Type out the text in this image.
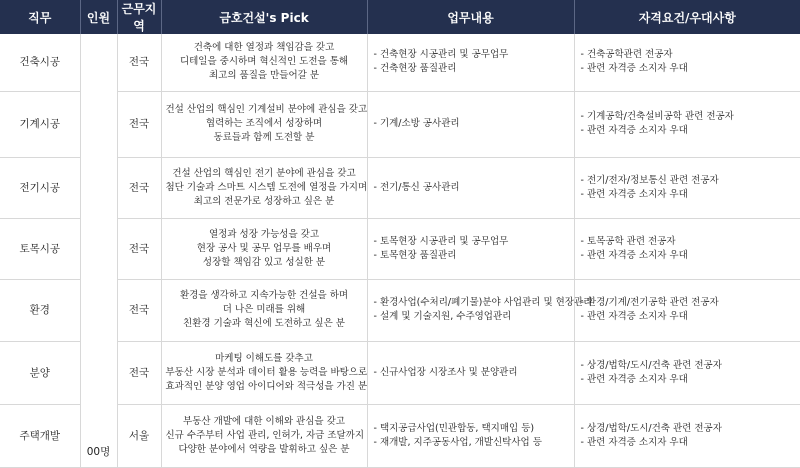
직무	인원	근무지역	금호건설's Pick	업무내용	자격요건/우대사항
건축시공	00명	전국	건축에 대한 열정과 책임감을 갖고
디테일을 중시하며 혁신적인 도전을 통해
최고의 품질을 만들어갈 분	- 건축현장 시공관리 및 공무업무
- 건축현장 품질관리	- 건축공학관련 전공자
- 관련 자격증 소지자 우대

기계시공		전국	건설 산업의 핵심인 기계설비 분야에 관심을 갖고
협력하는 조직에서 성장하며
동료들과 함께 도전할 분	- 기계/소방 공사관리	- 기계공학/건축설비공학 관련 전공자
- 관련 자격증 소지자 우대

전기시공		전국	건설 산업의 핵심인 전기 분야에 관심을 갖고
첨단 기술과 스마트 시스템 도전에 열정을 가지며
최고의 전문가로 성장하고 싶은 분	- 전기/통신 공사관리	- 전기/전자/정보통신 관련 전공자
- 관련 자격증 소지자 우대

토목시공		전국	열정과 성장 가능성을 갖고
현장 공사 및 공무 업무를 배우며
성장할 책임감 있고 성실한 분	- 토목현장 시공관리 및 공무업무
- 토목현장 품질관리	- 토목공학 관련 전공자
- 관련 자격증 소지자 우대

환경		전국	환경을 생각하고 지속가능한 건설을 하며
더 나은 미래를 위해
친환경 기술과 혁신에 도전하고 싶은 분	- 환경사업(수처리/폐기물)분야 사업관리 및 현장관리
- 설계 및 기술지원, 수주영업관리	- 환경/기계/전기공학 관련 전공자
- 관련 자격증 소지자 우대

분양		전국	마케팅 이해도를 갖추고
부동산 시장 분석과 데이터 활용 능력을 바탕으로
효과적인 분양 영업 아이디어와 적극성을 가진 분	- 신규사업장 시장조사 및 분양관리	- 상경/법학/도시/건축 관련 전공자
- 관련 자격증 소지자 우대

주택개발		서울	부동산 개발에 대한 이해와 관심을 갖고
신규 수주부터 사업 관리, 인허가, 자금 조달까지
다양한 분야에서 역량을 발휘하고 싶은 분	- 택지공급사업(민관합동, 택지매입 등)
- 재개발, 지주공동사업, 개발신탁사업 등	- 상경/법학/도시/건축 관련 전공자
- 관련 자격증 소지자 우대
